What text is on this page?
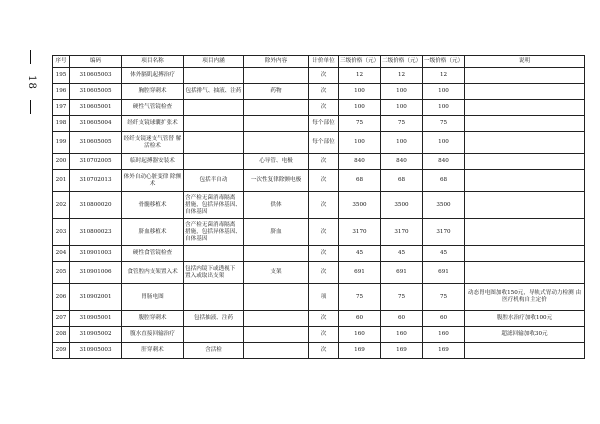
18
序号	编码	项目名称	项目内涵	除外内容	计价单位	三级价格（元）	二级价格（元）	一级价格（元）	说明
195	310605003	体外膈肌起搏治疗			次	12	12	12	
196	310605005	胸腔穿刺术	包括排气、抽液、注药	药物	次	100	100	100	
197	310605001	硬性气管镜检查			次	100	100	100	
198	310605004	经纤支镜球囊扩张术			每个部位	75	75	75	
199	310605005	经纤支镜迷支气管替 解活检术			每个部位	100	100	100	
200	310702005	临时起搏器安装术		心导管、电极	次	840	840	840	
201	310702013	体外自动心脏变律 除颤术	包括半自动	一次性复律除颤电极	次	68	68	68	
202	310800020	骨髓移植术	含产检无菌消毒隔离 措施，包括异体基因、 自体基因	供体	次	3500	3500	3500	
203	310800023	脐血移植术	含产检无菌消毒隔离 措施，包括异体基因、 自体基因	脐血	次	3170	3170	3170	
204	310901003	硬性食管镜检查			次	45	45	45	
205	310901006	食管腔内支架置入术	包括内镜下或透视下 置入或取出支架	支架	次	691	691	691	
206	310902001	胃肠电图			项	75	75	75	动态胃电图加收150元，导轨式胃动力检测 由医疗机构自主定价
207	310905001	腹腔穿刺术	包括抽液、注药		次	60	60	60	腹腔水治疗加收100元
208	310905002	腹水直接回输治疗			次	160	160	160	超滤回输加收30元
209	310905003	肝穿刺术	含活检		次	169	169	169	
